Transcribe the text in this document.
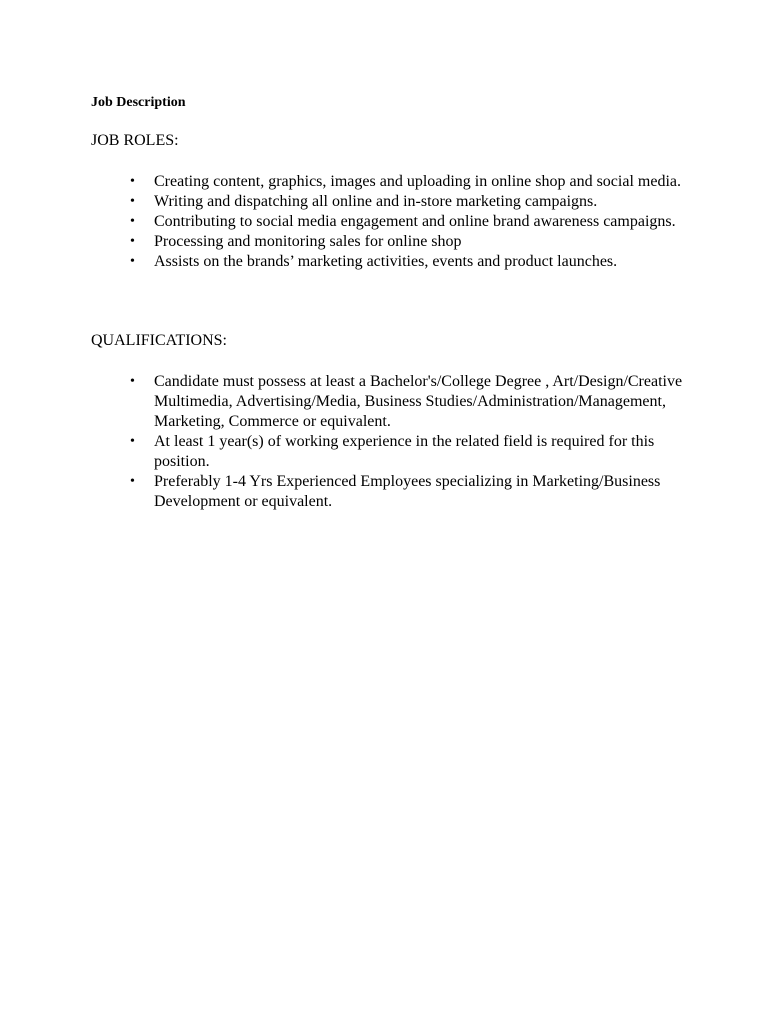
Job Description
JOB ROLES:
•	Creating content, graphics, images and uploading in online shop and social media.
•	Writing and dispatching all online and in-store marketing campaigns.
•	Contributing to social media engagement and online brand awareness campaigns.
•	Processing and monitoring sales for online shop
•	Assists on the brands’ marketing activities, events and product launches.
QUALIFICATIONS:
•	Candidate must possess at least a Bachelor's/College Degree , Art/Design/Creative Multimedia, Advertising/Media, Business Studies/Administration/Management, Marketing, Commerce or equivalent.
•	At least 1 year(s) of working experience in the related field is required for this position.
•	Preferably 1-4 Yrs Experienced Employees specializing in Marketing/Business Development or equivalent.
